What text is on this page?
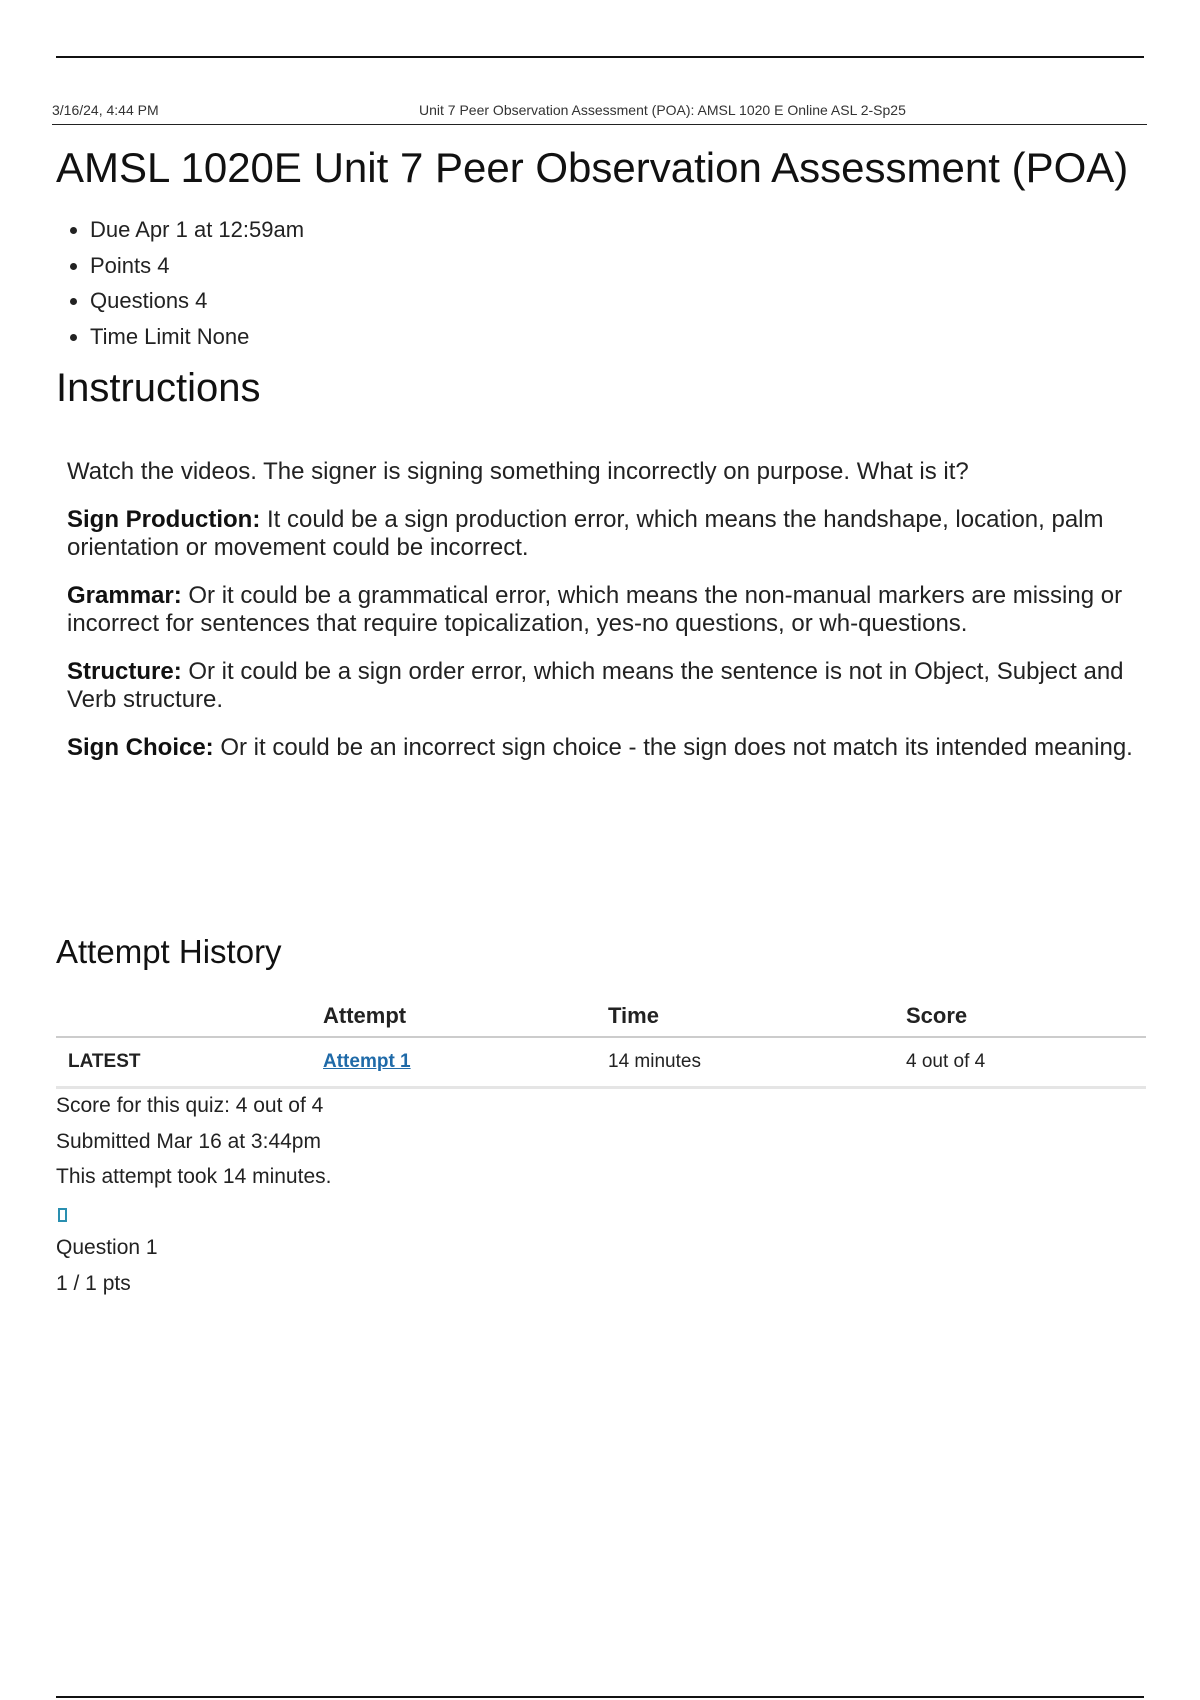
3/16/24, 4:44 PM	Unit 7 Peer Observation Assessment (POA): AMSL 1020 E Online ASL 2-Sp25
AMSL 1020E Unit 7 Peer Observation Assessment (POA)
• Due Apr 1 at 12:59am
• Points 4
• Questions 4
• Time Limit None
Instructions

Watch the videos. The signer is signing something incorrectly on purpose. What is it?

Sign Production: It could be a sign production error, which means the handshape, location, palm orientation or movement could be incorrect.

Grammar: Or it could be a grammatical error, which means the non-manual markers are missing or incorrect for sentences that require topicalization, yes-no questions, or wh-questions.

Structure: Or it could be a sign order error, which means the sentence is not in Object, Subject and Verb structure.

Sign Choice: Or it could be an incorrect sign choice - the sign does not match its intended meaning.

Attempt History
	Attempt	Time	Score
LATEST	Attempt 1	14 minutes	4 out of 4
Score for this quiz: 4 out of 4
Submitted Mar 16 at 3:44pm
This attempt took 14 minutes.
Question 1
1 / 1 pts
